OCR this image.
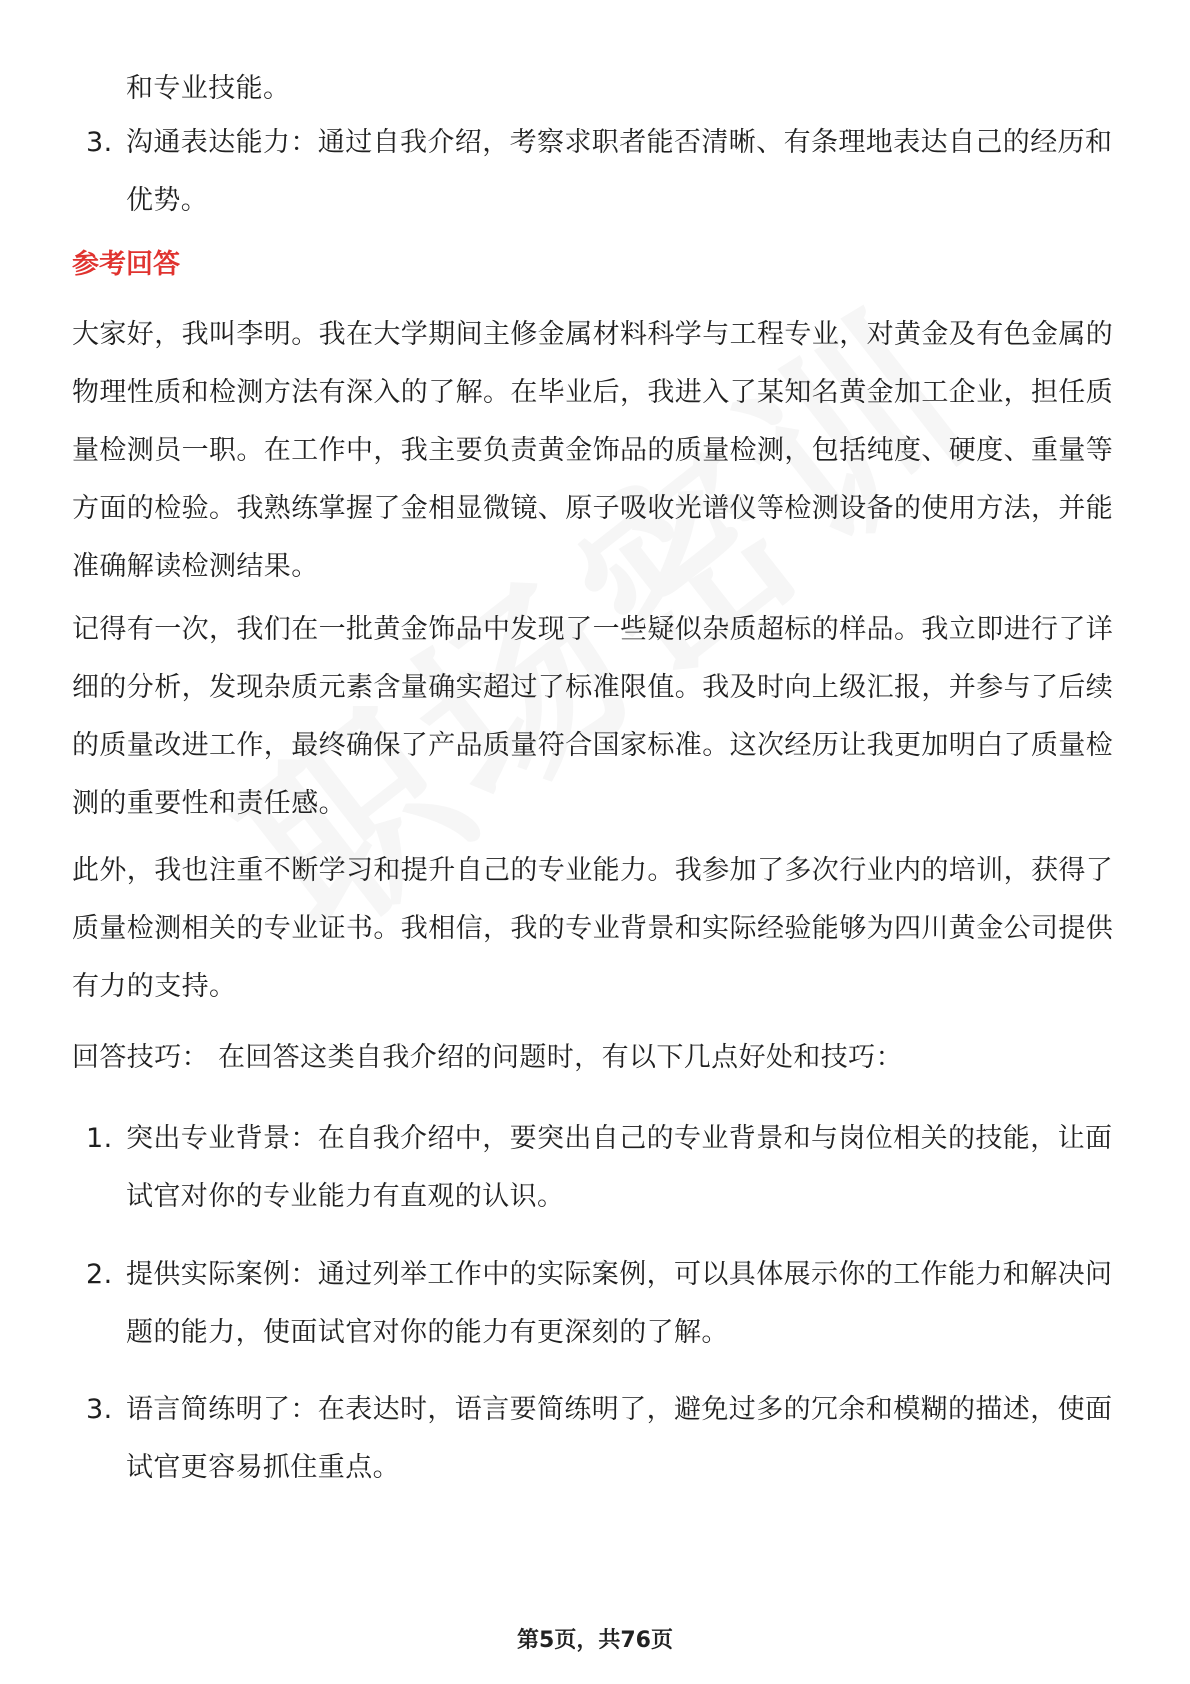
和专业技能。
3. 沟通表达能力：通过自我介绍，考察求职者能否清晰、有条理地表达自己的经历和优势。
参考回答
大家好，我叫李明。我在大学期间主修金属材料科学与工程专业，对黄金及有色金属的物理性质和检测方法有深入的了解。在毕业后，我进入了某知名黄金加工企业，担任质量检测员一职。在工作中，我主要负责黄金饰品的质量检测，包括纯度、硬度、重量等方面的检验。我熟练掌握了金相显微镜、原子吸收光谱仪等检测设备的使用方法，并能准确解读检测结果。
记得有一次，我们在一批黄金饰品中发现了一些疑似杂质超标的样品。我立即进行了详细的分析，发现杂质元素含量确实超过了标准限值。我及时向上级汇报，并参与了后续的质量改进工作，最终确保了产品质量符合国家标准。这次经历让我更加明白了质量检测的重要性和责任感。
此外，我也注重不断学习和提升自己的专业能力。我参加了多次行业内的培训，获得了质量检测相关的专业证书。我相信，我的专业背景和实际经验能够为四川黄金公司提供有力的支持。
回答技巧： 在回答这类自我介绍的问题时，有以下几点好处和技巧：
1. 突出专业背景：在自我介绍中，要突出自己的专业背景和与岗位相关的技能，让面试官对你的专业能力有直观的认识。
2. 提供实际案例：通过列举工作中的实际案例，可以具体展示你的工作能力和解决问题的能力，使面试官对你的能力有更深刻的了解。
3. 语言简练明了：在表达时，语言要简练明了，避免过多的冗余和模糊的描述，使面试官更容易抓住重点。
第5页，共76页
